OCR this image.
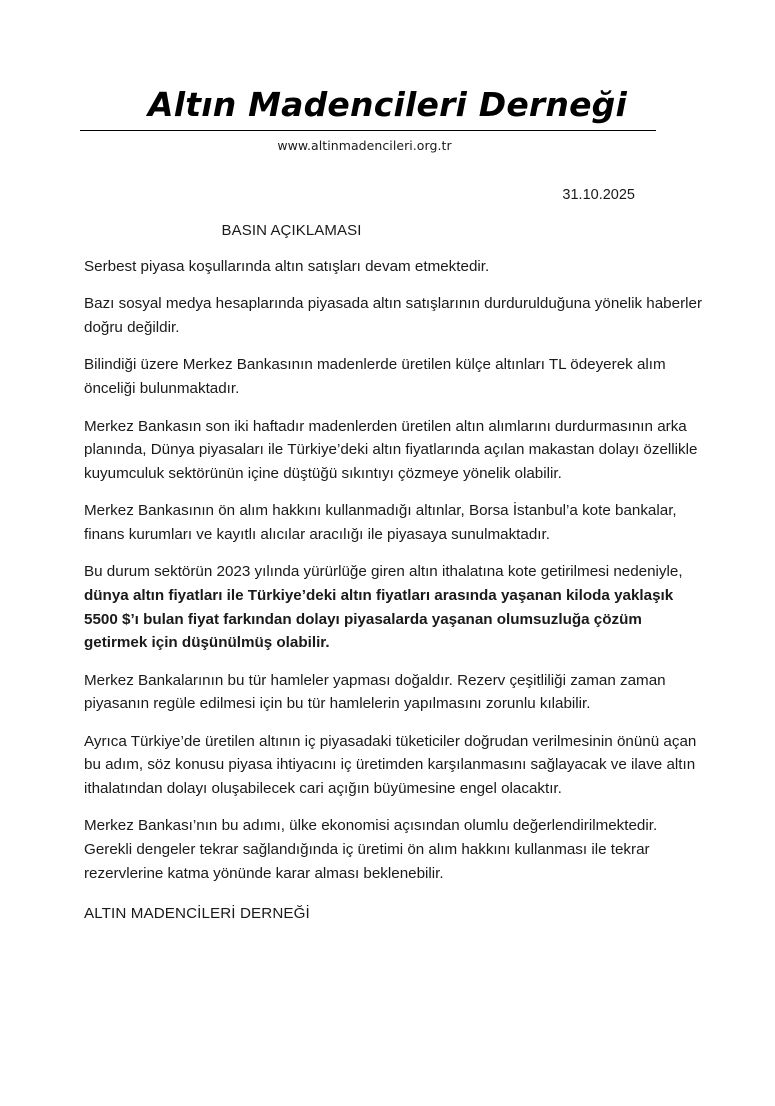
Altın Madencileri Derneği

www.altinmadencileri.org.tr

31.10.2025
BASIN AÇIKLAMASI

Serbest piyasa koşullarında altın satışları devam etmektedir.

Bazı sosyal medya hesaplarında piyasada altın satışlarının durdurulduğuna yönelik haberler doğru değildir.

Bilindiği üzere Merkez Bankasının madenlerde üretilen külçe altınları TL ödeyerek alım önceliği bulunmaktadır.

Merkez Bankasın son iki haftadır madenlerden üretilen altın alımlarını durdurmasının arka planında, Dünya piyasaları ile Türkiye’deki altın fiyatlarında açılan makastan dolayı özellikle kuyumculuk sektörünün içine düştüğü sıkıntıyı çözmeye yönelik olabilir.

Merkez Bankasının ön alım hakkını kullanmadığı altınlar, Borsa İstanbul’a kote bankalar, finans kurumları ve kayıtlı alıcılar aracılığı ile piyasaya sunulmaktadır.

Bu durum sektörün 2023 yılında yürürlüğe giren altın ithalatına kote getirilmesi nedeniyle, dünya altın fiyatları ile Türkiye’deki altın fiyatları arasında yaşanan kiloda yaklaşık 5500 $’ı bulan fiyat farkından dolayı piyasalarda yaşanan olumsuzluğa çözüm getirmek için düşünülmüş olabilir.

Merkez Bankalarının bu tür hamleler yapması doğaldır. Rezerv çeşitliliği zaman zaman piyasanın regüle edilmesi için bu tür hamlelerin yapılmasını zorunlu kılabilir.

Ayrıca Türkiye’de üretilen altının iç piyasadaki tüketiciler doğrudan verilmesinin önünü açan bu adım, söz konusu piyasa ihtiyacını iç üretimden karşılanmasını sağlayacak ve ilave altın ithalatından dolayı oluşabilecek cari açığın büyümesine engel olacaktır.

Merkez Bankası’nın bu adımı, ülke ekonomisi açısından olumlu değerlendirilmektedir. Gerekli dengeler tekrar sağlandığında iç üretimi ön alım hakkını kullanması ile tekrar rezervlerine katma yönünde karar alması beklenebilir.

ALTIN MADENCİLERİ DERNEĞİ
